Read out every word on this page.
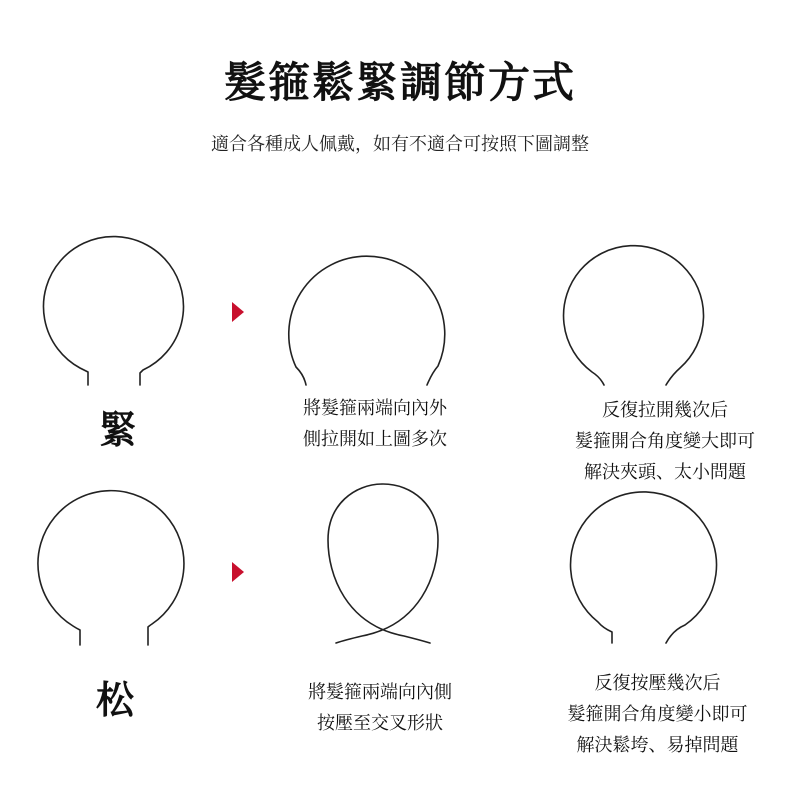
髮箍鬆緊調節方式
適合各種成人佩戴，如有不適合可按照下圖調整
緊	將髮箍兩端向內外
側拉開如上圖多次
反復拉開幾次后
髮箍開合角度變大即可
解決夾頭、太小問題
松	將髮箍兩端向內側
按壓至交叉形狀
反復按壓幾次后
髮箍開合角度變小即可
解決鬆垮、易掉問題
